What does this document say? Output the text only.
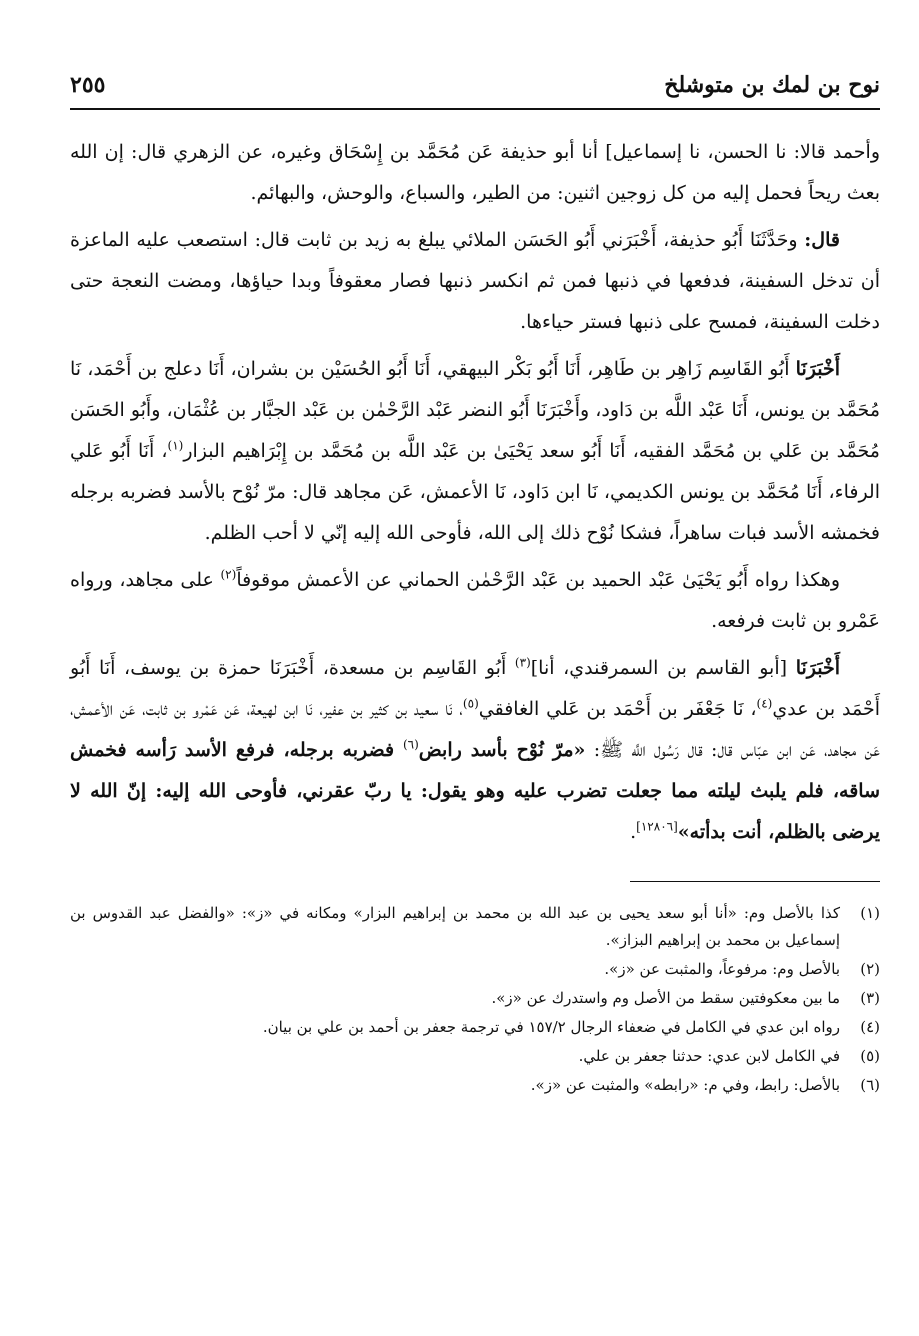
نوح بن لمك بن متوشلخ
٢٥٥

وأحمد قالا: نا الحسن، نا إسماعيل] أنا أبو حذيفة عَن مُحَمَّد بن إِسْحَاق وغيره، عن الزهري قال: إن الله بعث ريحاً فحمل إليه من كل زوجين اثنين: من الطير، والسباع، والوحش، والبهائم.

قال: وحَدَّثَنَا أَبُو حذيفة، أَخْبَرَني أَبُو الحَسَن الملائي يبلغ به زيد بن ثابت قال: استصعب عليه الماعزة أن تدخل السفينة، فدفعها في ذنبها فمن ثم انكسر ذنبها فصار معقوفاً وبدا حياؤها، ومضت النعجة حتى دخلت السفينة، فمسح على ذنبها فستر حياءها.

أَخْبَرَنَا أَبُو القَاسِم زَاهِر بن طَاهِر، أَنَا أَبُو بَكْر البيهقي، أَنَا أَبُو الحُسَيْن بن بشران، أَنَا دعلج بن أَحْمَد، نَا مُحَمَّد بن يونس، أَنَا عَبْد اللَّه بن دَاود، وأَخْبَرَنَا أَبُو النضر عَبْد الرَّحْمٰن بن عَبْد الجبَّار بن عُثْمَان، وأَبُو الحَسَن مُحَمَّد بن عَلي بن مُحَمَّد الفقيه، أَنَا أَبُو سعد يَحْيَىٰ بن عَبْد اللَّه بن مُحَمَّد بن إِبْرَاهيم البزار$^{(١)}$، أَنَا أَبُو عَلي الرفاء، أَنَا مُحَمَّد بن يونس الكديمي، نَا ابن دَاود، نَا الأعمش، عَن مجاهد قال: مرّ نُوْح بالأسد فضربه برجله فخمشه الأسد فبات ساهراً، فشكا نُوْح ذلك إلى الله، فأوحى الله إليه إنّي لا أحب الظلم.

وهكذا رواه أَبُو يَحْيَىٰ عَبْد الحميد بن عَبْد الرَّحْمٰن الحماني عن الأعمش موقوفاً$^{(٢)}$ على مجاهد، ورواه عَمْرو بن ثابت فرفعه.

أَخْبَرَنَا [أبو القاسم بن السمرقندي، أنا]$^{(٣)}$ أَبُو القَاسِم بن مسعدة، أَخْبَرَنَا حمزة بن يوسف، أَنَا أَبُو أَحْمَد بن عدي$^{(٤)}$، نَا جَعْفَر بن أَحْمَد بن عَلي الغافقي$^{(٥)}$، نَا سعيد بن كثير بن عفير، نَا ابن لهيعة، عَن عَمْرو بن ثابت، عَن الأعمش، عَن مجاهد، عَن ابن عبّاس قال: قال رَسُول اللَّه ﷺ: «مرّ نُوْح بأسد رابض$^{(٦)}$ فضربه برجله، فرفع الأسد رَأسه فخمش ساقه، فلم يلبث ليلته مما جعلت تضرب عليه وهو يقول: يا ربّ عقرني، فأوحى الله إليه: إنّ الله لا يرضى بالظلم، أنت بدأته»[١٢٨٠٦].

(١)
كذا بالأصل وم: «أنا أبو سعد يحيى بن عبد الله بن محمد بن إبراهيم البزار» ومكانه في «ز»: «والفضل عبد القدوس بن إسماعيل بن محمد بن إبراهيم البزاز».
(٢)
بالأصل وم: مرفوعاً، والمثبت عن «ز».
(٣)
ما بين معكوفتين سقط من الأصل وم واستدرك عن «ز».
(٤)
رواه ابن عدي في الكامل في ضعفاء الرجال ١٥٧/٢ في ترجمة جعفر بن أحمد بن علي بن بيان.
(٥)
في الكامل لابن عدي: حدثنا جعفر بن علي.
(٦)
بالأصل: رابط، وفي م: «رابطه» والمثبت عن «ز».
